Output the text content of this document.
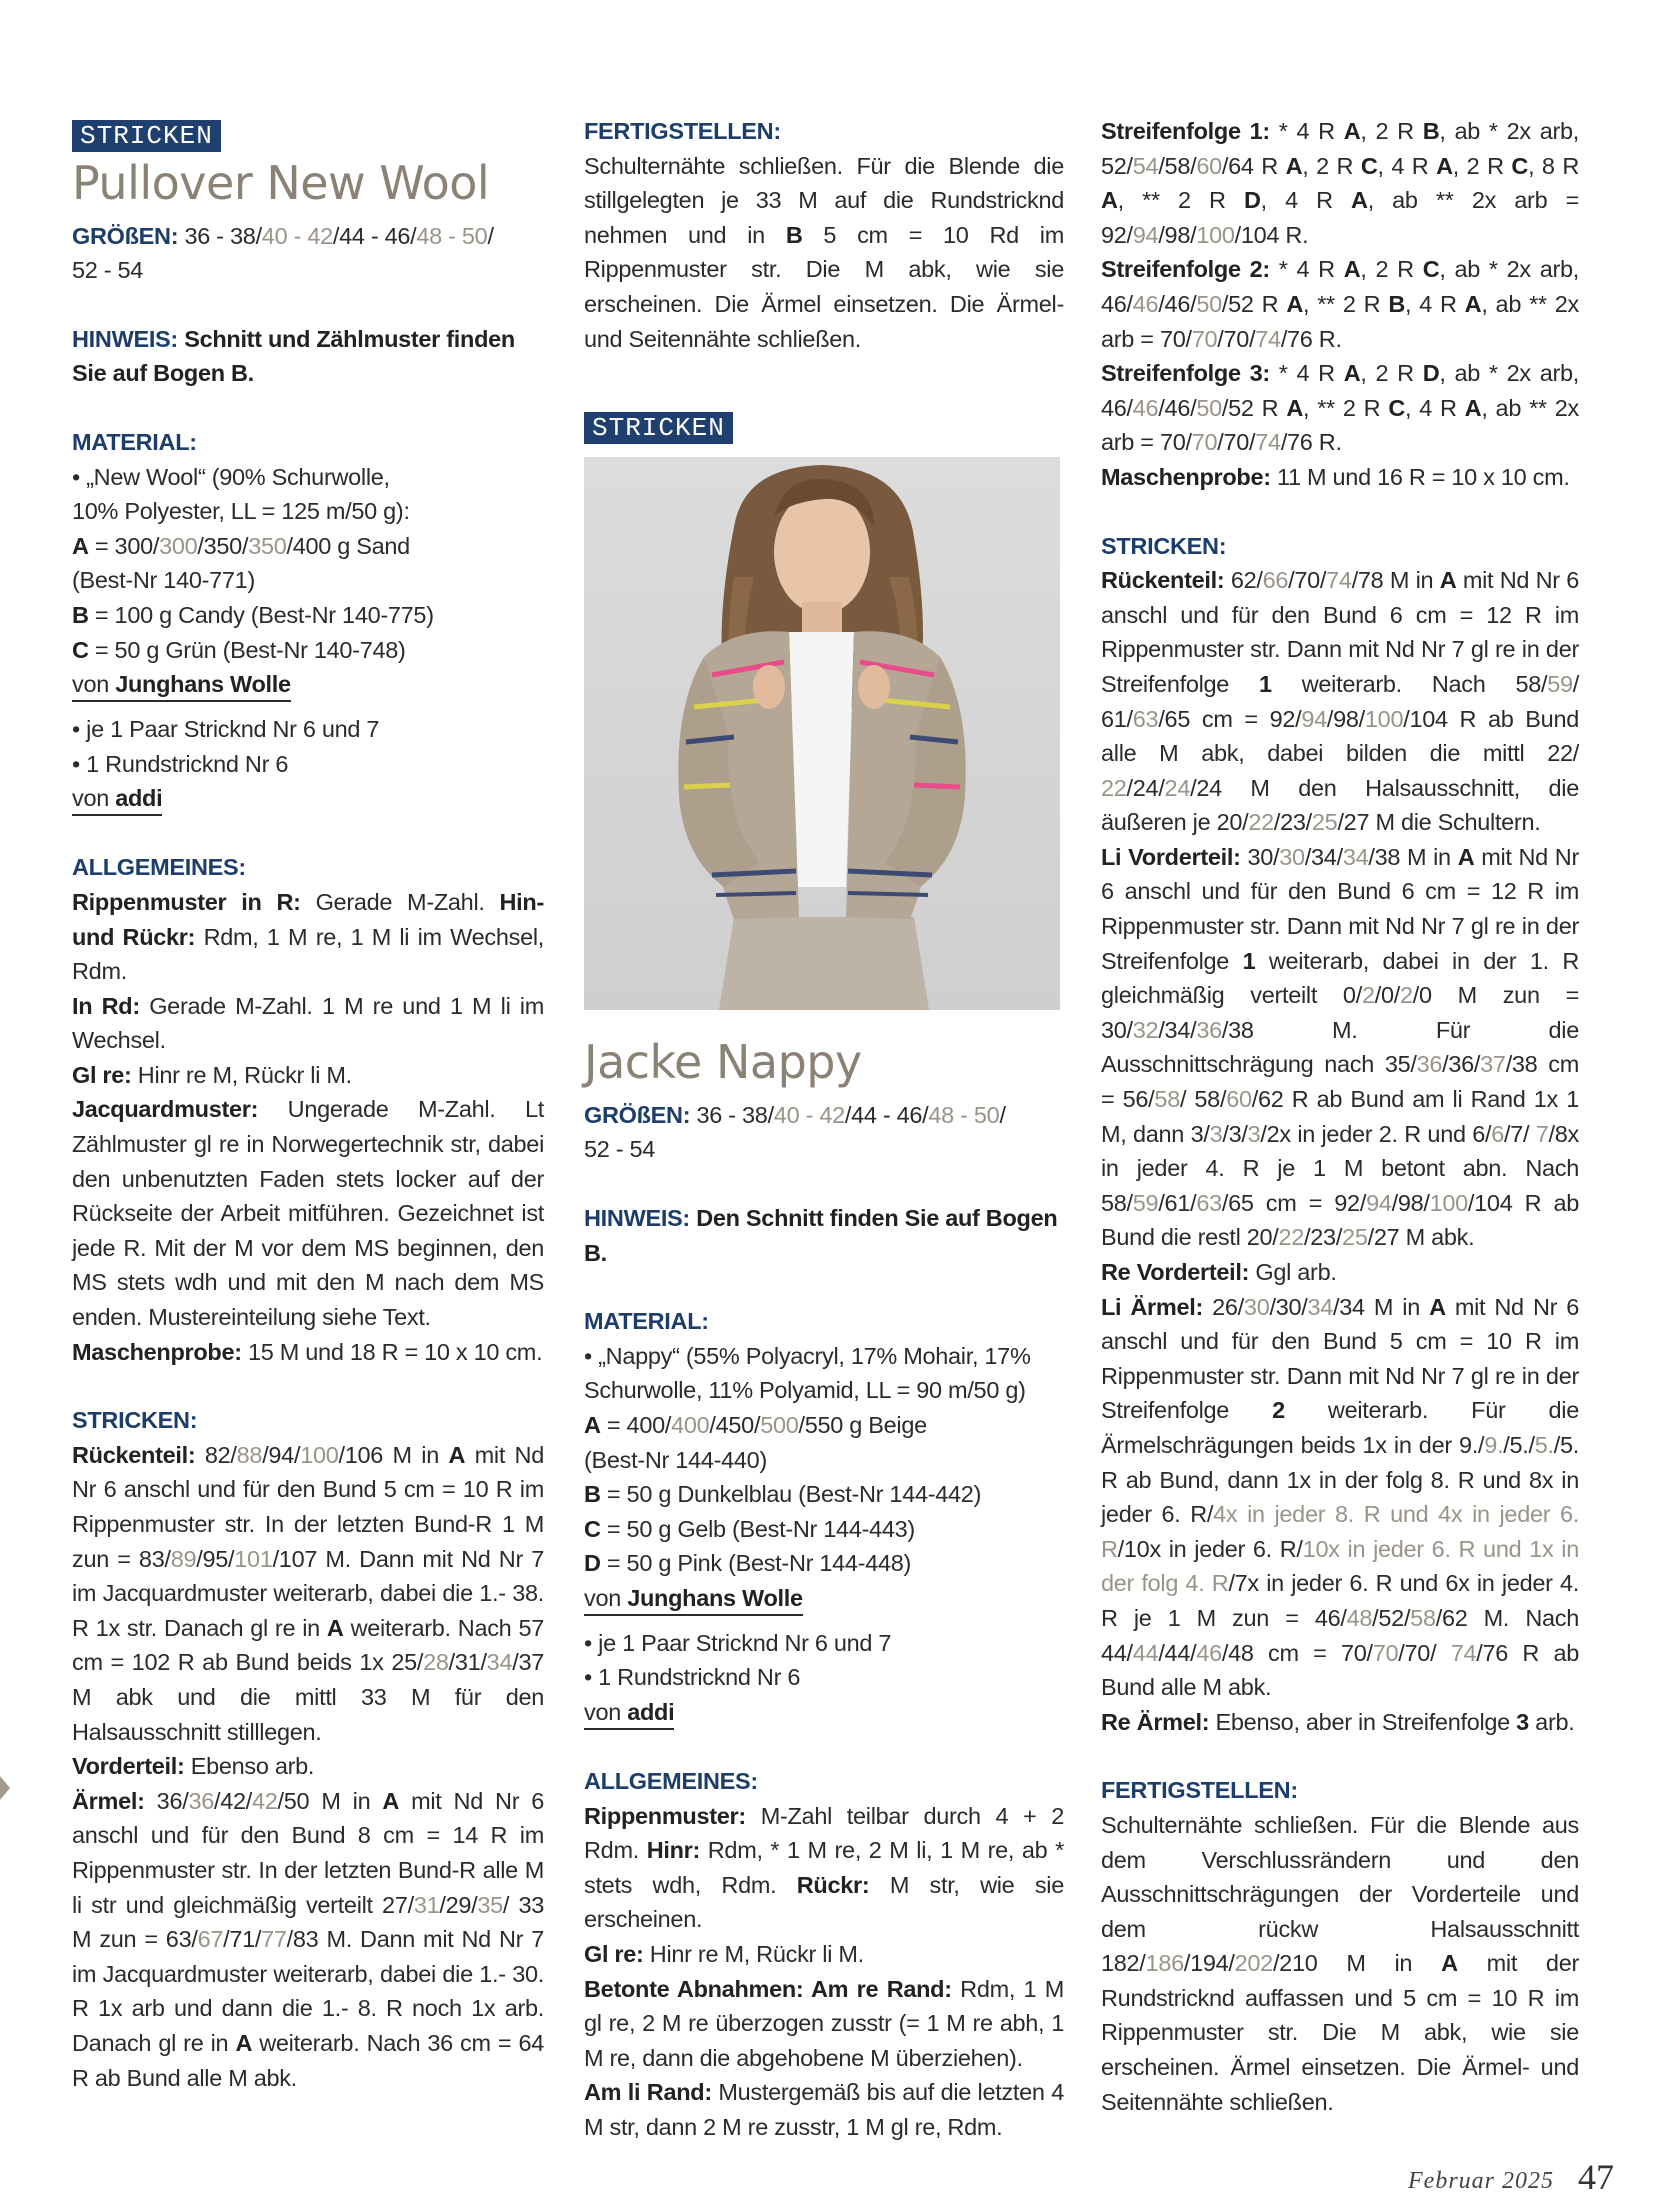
STRICKEN
Pullover New Wool

GRÖßEN: 36 - 38/40 - 42/44 - 46/48 - 50/
52 - 54

HINWEIS: Schnitt und Zählmuster finden Sie auf Bogen B.

MATERIAL:

• „New Wool“ (90% Schurwolle,

10% Polyester, LL = 125 m/50 g):

A = 300/300/350/350/400 g Sand

(Best-Nr 140-771)

B = 100 g Candy (Best-Nr 140-775)

C = 50 g Grün (Best-Nr 140-748)

von Junghans Wolle

• je 1 Paar Stricknd Nr 6 und 7

• 1 Rundstricknd Nr 6

von addi

ALLGEMEINES:

Rippenmuster in R: Gerade M-Zahl. Hin- und Rückr: Rdm, 1 M re, 1 M li im Wechsel, Rdm.

In Rd: Gerade M-Zahl. 1 M re und 1 M li im Wechsel.

Gl re: Hinr re M, Rückr li M.

Jacquardmuster: Ungerade M-Zahl. Lt Zählmuster gl re in Norwegertechnik str, dabei den unbenutzten Faden stets locker auf der Rückseite der Arbeit mitführen. Gezeichnet ist jede R. Mit der M vor dem MS beginnen, den MS stets wdh und mit den M nach dem MS enden. Mustereinteilung siehe Text.

Maschenprobe: 15 M und 18 R = 10 x 10 cm.

STRICKEN:

Rückenteil: 82/88/94/100/106 M in A mit Nd Nr 6 anschl und für den Bund 5 cm = 10 R im Rippenmuster str. In der letzten Bund-R 1 M zun = 83/89/95/101/107 M. Dann mit Nd Nr 7 im Jacquardmuster weiterarb, dabei die 1.- 38. R 1x str. Danach gl re in A weiterarb. Nach 57 cm = 102 R ab Bund beids 1x 25/28/31/34/37 M abk und die mittl 33 M für den Halsausschnitt stilllegen.

Vorderteil: Ebenso arb.

Ärmel: 36/36/42/42/50 M in A mit Nd Nr 6 anschl und für den Bund 8 cm = 14 R im Rippenmuster str. In der letzten Bund-R alle M li str und gleichmäßig verteilt 27/31/29/35/ 33 M zun = 63/67/71/77/83 M. Dann mit Nd Nr 7 im Jacquardmuster weiterarb, dabei die 1.- 30. R 1x arb und dann die 1.- 8. R noch 1x arb. Danach gl re in A weiterarb. Nach 36 cm = 64 R ab Bund alle M abk.

FERTIGSTELLEN:

Schulternähte schließen. Für die Blende die stillgelegten je 33 M auf die Rundstricknd nehmen und in B 5 cm = 10 Rd im Rippenmuster str. Die M abk, wie sie erscheinen. Die Ärmel einsetzen. Die Ärmel- und Seitennähte schließen.

STRICKEN
Jacke Nappy

GRÖßEN: 36 - 38/40 - 42/44 - 46/48 - 50/
52 - 54

HINWEIS: Den Schnitt finden Sie auf Bogen B.

MATERIAL:

• „Nappy“ (55% Polyacryl, 17% Mohair, 17% Schurwolle, 11% Polyamid, LL = 90 m/50 g)

A = 400/400/450/500/550 g Beige

(Best-Nr 144-440)

B = 50 g Dunkelblau (Best-Nr 144-442)

C = 50 g Gelb (Best-Nr 144-443)

D = 50 g Pink (Best-Nr 144-448)

von Junghans Wolle

• je 1 Paar Stricknd Nr 6 und 7

• 1 Rundstricknd Nr 6

von addi

ALLGEMEINES:

Rippenmuster: M-Zahl teilbar durch 4 + 2 Rdm. Hinr: Rdm, * 1 M re, 2 M li, 1 M re, ab * stets wdh, Rdm. Rückr: M str, wie sie erscheinen.

Gl re: Hinr re M, Rückr li M.

Betonte Abnahmen: Am re Rand: Rdm, 1 M gl re, 2 M re überzogen zusstr (= 1 M re abh, 1 M re, dann die abgehobene M überziehen).

Am li Rand: Mustergemäß bis auf die letzten 4 M str, dann 2 M re zusstr, 1 M gl re, Rdm.

Streifenfolge 1: * 4 R A, 2 R B, ab * 2x arb, 52/54/58/60/64 R A, 2 R C, 4 R A, 2 R C, 8 R A, ** 2 R D, 4 R A, ab ** 2x arb = 92/94/98/100/104 R.

Streifenfolge 2: * 4 R A, 2 R C, ab * 2x arb, 46/46/46/50/52 R A, ** 2 R B, 4 R A, ab ** 2x arb = 70/70/70/74/76 R.

Streifenfolge 3: * 4 R A, 2 R D, ab * 2x arb, 46/46/46/50/52 R A, ** 2 R C, 4 R A, ab ** 2x arb = 70/70/70/74/76 R.

Maschenprobe: 11 M und 16 R = 10 x 10 cm.

STRICKEN:

Rückenteil: 62/66/70/74/78 M in A mit Nd Nr 6 anschl und für den Bund 6 cm = 12 R im Rippenmuster str. Dann mit Nd Nr 7 gl re in der Streifenfolge 1 weiterarb. Nach 58/59/ 61/63/65 cm = 92/94/98/100/104 R ab Bund alle M abk, dabei bilden die mittl 22/ 22/24/24/24 M den Halsausschnitt, die äußeren je 20/22/23/25/27 M die Schultern.

Li Vorderteil: 30/30/34/34/38 M in A mit Nd Nr 6 anschl und für den Bund 6 cm = 12 R im Rippenmuster str. Dann mit Nd Nr 7 gl re in der Streifenfolge 1 weiterarb, dabei in der 1. R gleichmäßig verteilt 0/2/0/2/0 M zun = 30/32/34/36/38 M. Für die Ausschnittschrägung nach 35/36/36/37/38 cm = 56/58/ 58/60/62 R ab Bund am li Rand 1x 1 M, dann 3/3/3/3/2x in jeder 2. R und 6/6/7/ 7/8x in jeder 4. R je 1 M betont abn. Nach 58/59/61/63/65 cm = 92/94/98/100/104 R ab Bund die restl 20/22/23/25/27 M abk.

Re Vorderteil: Ggl arb.

Li Ärmel: 26/30/30/34/34 M in A mit Nd Nr 6 anschl und für den Bund 5 cm = 10 R im Rippenmuster str. Dann mit Nd Nr 7 gl re in der Streifenfolge 2 weiterarb. Für die Ärmelschrägungen beids 1x in der 9./9./5./5./5. R ab Bund, dann 1x in der folg 8. R und 8x in jeder 6. R/4x in jeder 8. R und 4x in jeder 6. R/10x in jeder 6. R/10x in jeder 6. R und 1x in der folg 4. R/7x in jeder 6. R und 6x in jeder 4. R je 1 M zun = 46/48/52/58/62 M. Nach 44/44/44/46/48 cm = 70/70/70/ 74/76 R ab Bund alle M abk.

Re Ärmel: Ebenso, aber in Streifenfolge 3 arb.

FERTIGSTELLEN:

Schulternähte schließen. Für die Blende aus dem Verschlussrändern und den Ausschnittschrägungen der Vorderteile und dem rückw Halsausschnitt 182/186/194/202/210 M in A mit der Rundstricknd auffassen und 5 cm = 10 R im Rippenmuster str. Die M abk, wie sie erscheinen. Ärmel einsetzen. Die Ärmel- und Seitennähte schließen.

Februar 2025 47
